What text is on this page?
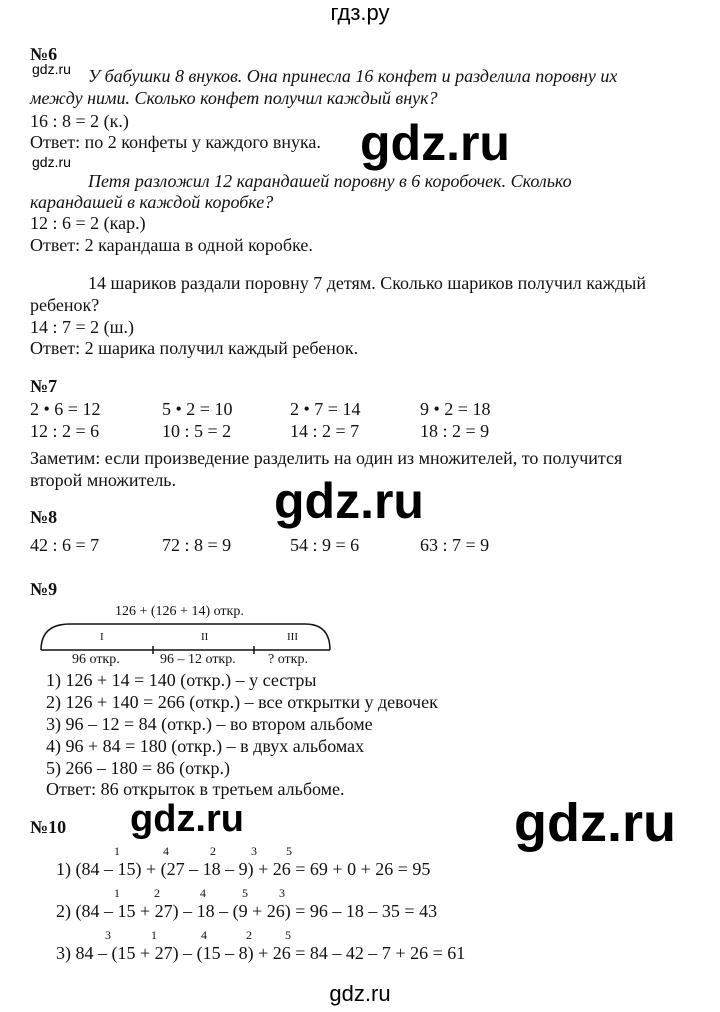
гдз.ру
№6
gdz.ru У бабушки 8 внуков. Она принесла 16 конфет и разделила поровну их
между ними. Сколько конфет получил каждый внук?
16 : 8 = 2 (к.)
Ответ: по 2 конфеты у каждого внука. gdz.ru
gdz.ru
Петя разложил 12 карандашей поровну в 6 коробочек. Сколько
карандашей в каждой коробке?
12 : 6 = 2 (кар.)
Ответ: 2 карандаша в одной коробке.
14 шариков раздали поровну 7 детям. Сколько шариков получил каждый
ребенок?
14 : 7 = 2 (ш.)
Ответ: 2 шарика получил каждый ребенок.
№7
2 • 6 = 12	5 • 2 = 10	2 • 7 = 14	9 • 2 = 18
12 : 2 = 6	10 : 5 = 2	14 : 2 = 7	18 : 2 = 9
Заметим: если произведение разделить на один из множителей, то получится
второй множитель. gdz.ru
№8
42 : 6 = 7	72 : 8 = 9	54 : 9 = 6	63 : 7 = 9
№9
126 + (126 + 14) откр.
I	II	III
96 откр.	96 – 12 откр. ? откр.
1) 126 + 14 = 140 (откр.) – у сестры
2) 126 + 140 = 266 (откр.) – все открытки у девочек
3) 96 – 12 = 84 (откр.) – во втором альбоме
4) 96 + 84 = 180 (откр.) – в двух альбомах
5) 266 – 180 = 86 (откр.)
Ответ: 86 открыток в третьем альбоме.
gdz.ru	gdz.ru
№10
1) (84 – 15) + (27 – 18 – 9) + 26 = 69 + 0 + 26 = 95
2) (84 – 15 + 27) – 18 – (9 + 26) = 96 – 18 – 35 = 43
3) 84 – (15 + 27) – (15 – 8) + 26 = 84 – 42 – 7 + 26 = 61
1	4	2	3 5
1	2	4	5	3
3	1	4	2	5
gdz.ru
